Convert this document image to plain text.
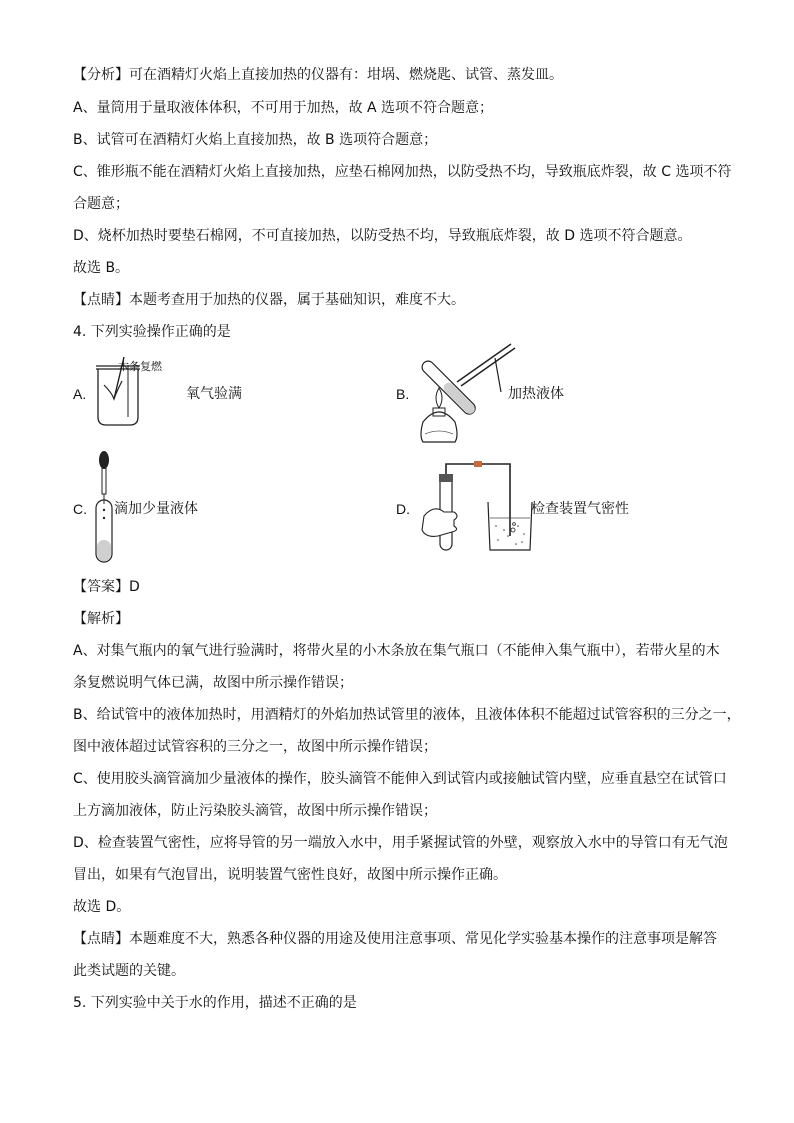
【分析】可在酒精灯火焰上直接加热的仪器有：坩埚、燃烧匙、试管、蒸发皿。
A、量筒用于量取液体体积，不可用于加热，故 A 选项不符合题意；
B、试管可在酒精灯火焰上直接加热，故 B 选项符合题意；
C、锥形瓶不能在酒精灯火焰上直接加热，应垫石棉网加热，以防受热不均，导致瓶底炸裂，故 C 选项不符
合题意；
D、烧杯加热时要垫石棉网，不可直接加热，以防受热不均，导致瓶底炸裂，故 D 选项不符合题意。
故选 B。
【点睛】本题考查用于加热的仪器，属于基础知识，难度不大。
4. 下列实验操作正确的是
A.
木条复燃
氧气验满	B.	加热液体
C. 滴加少量液体	D.	检查装置气密性
【答案】D
【解析】
A、对集气瓶内的氧气进行验满时，将带火星的小木条放在集气瓶口（不能伸入集气瓶中），若带火星的木
条复燃说明气体已满，故图中所示操作错误；
B、给试管中的液体加热时，用酒精灯的外焰加热试管里的液体，且液体体积不能超过试管容积的三分之一，
图中液体超过试管容积的三分之一，故图中所示操作错误；
C、使用胶头滴管滴加少量液体的操作，胶头滴管不能伸入到试管内或接触试管内壁，应垂直悬空在试管口
上方滴加液体，防止污染胶头滴管，故图中所示操作错误；
D、检查装置气密性，应将导管的另一端放入水中，用手紧握试管的外壁，观察放入水中的导管口有无气泡
冒出，如果有气泡冒出，说明装置气密性良好，故图中所示操作正确。
故选 D。
【点睛】本题难度不大，熟悉各种仪器的用途及使用注意事项、常见化学实验基本操作的注意事项是解答
此类试题的关键。
5. 下列实验中关于水的作用，描述不正确的是
